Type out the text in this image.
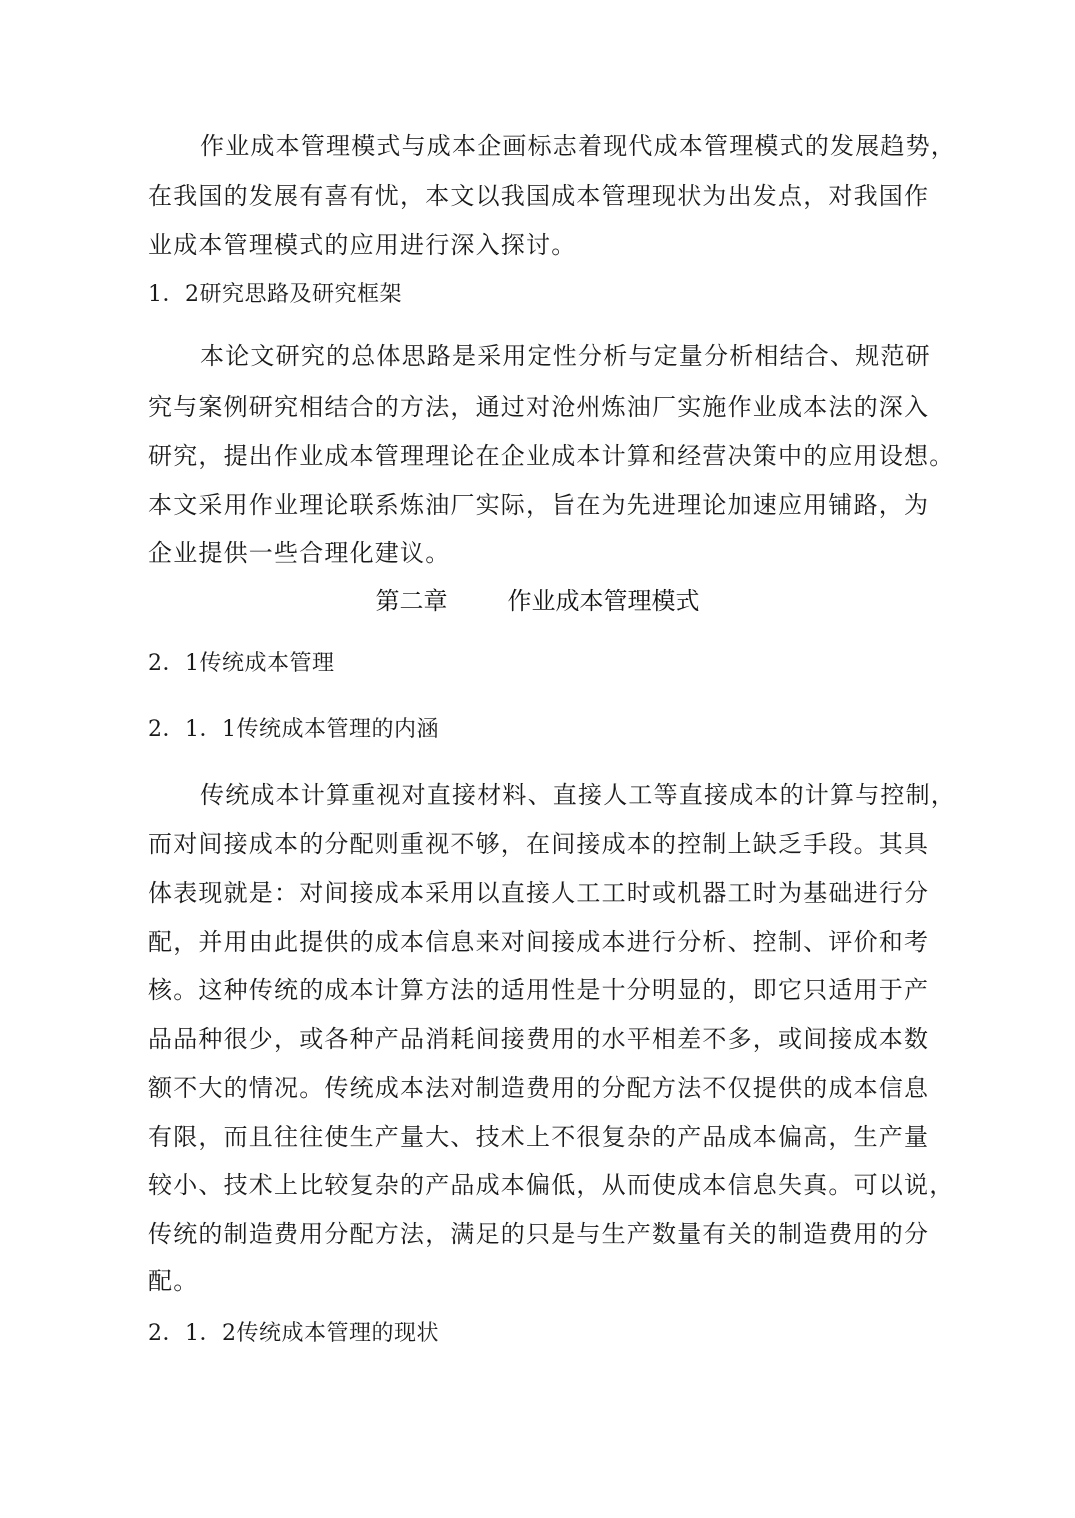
作业成本管理模式与成本企画标志着现代成本管理模式的发展趋势，
在我国的发展有喜有忧，本文以我国成本管理现状为出发点，对我国作
业成本管理模式的应用进行深入探讨。
1．2研究思路及研究框架
本论文研究的总体思路是采用定性分析与定量分析相结合、规范研
究与案例研究相结合的方法，通过对沧州炼油厂实施作业成本法的深入
研究，提出作业成本管理理论在企业成本计算和经营决策中的应用设想。
本文采用作业理论联系炼油厂实际，旨在为先进理论加速应用铺路，为
企业提供一些合理化建议。
第二章	作业成本管理模式
2．1传统成本管理
2．1．1传统成本管理的内涵
传统成本计算重视对直接材料、直接人工等直接成本的计算与控制，
而对间接成本的分配则重视不够，在间接成本的控制上缺乏手段。其具
体表现就是：对间接成本采用以直接人工工时或机器工时为基础进行分
配，并用由此提供的成本信息来对间接成本进行分析、控制、评价和考
核。这种传统的成本计算方法的适用性是十分明显的，即它只适用于产
品品种很少，或各种产品消耗间接费用的水平相差不多，或间接成本数
额不大的情况。传统成本法对制造费用的分配方法不仅提供的成本信息
有限，而且往往使生产量大、技术上不很复杂的产品成本偏高，生产量
较小、技术上比较复杂的产品成本偏低，从而使成本信息失真。可以说，
传统的制造费用分配方法，满足的只是与生产数量有关的制造费用的分
配。
2．1．2传统成本管理的现状
